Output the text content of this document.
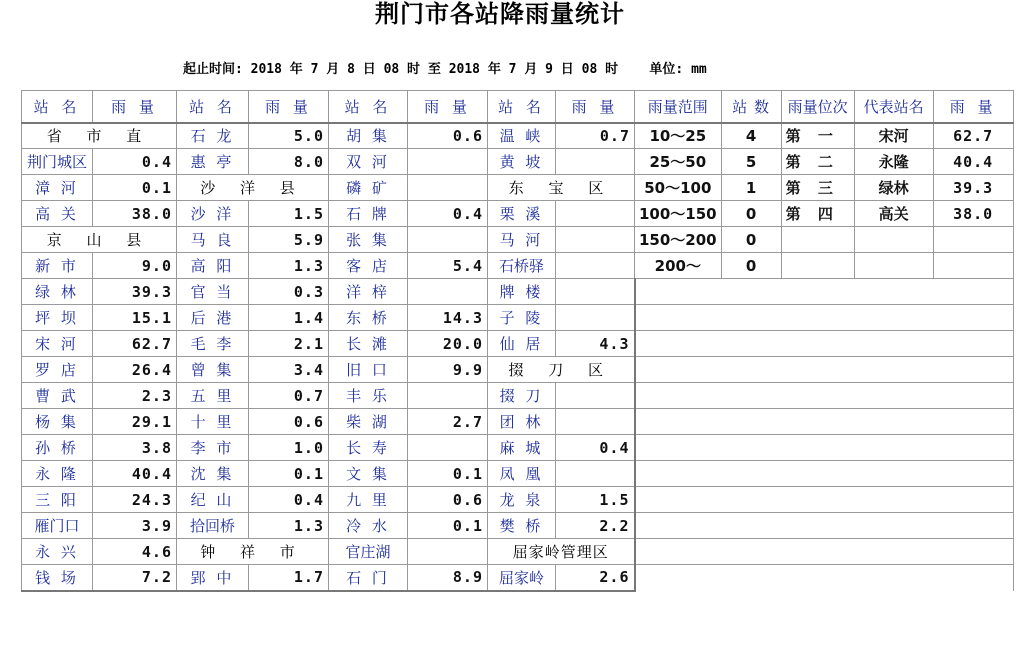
荆门市各站降雨量统计
起止时间: 2018 年 7 月 8 日 08 时 至 2018 年 7 月 9 日 08 时    单位: mm
站 名	雨 量	站 名	雨 量	站 名	雨 量	站 名	雨 量	雨量范围	站 数	雨量位次	代表站名	雨 量
省 市 直		石 龙	5.0	胡 集	0.6	温 峡	0.7	10～25	4	第 一	宋河	62.7
荆门城区	0.4	惠 亭	8.0	双 河		黄 坡		25～50	5	第 二	永隆	40.4
漳 河	0.1	沙 洋 县		磷 矿		东 宝 区		50～100	1	第 三	绿林	39.3
高 关	38.0	沙 洋	1.5	石 牌	0.4	栗 溪		100～150	0	第 四	高关	38.0
京 山 县		马 良	5.9	张 集		马 河		150～200	0			
新 市	9.0	高 阳	1.3	客 店	5.4	石桥驿		200～	0			
绿 林	39.3	官 当	0.3	洋 梓		牌 楼						
坪 坝	15.1	后 港	1.4	东 桥	14.3	子 陵						
宋 河	62.7	毛 李	2.1	长 滩	20.0	仙 居	4.3					
罗 店	26.4	曾 集	3.4	旧 口	9.9	掇 刀 区						
曹 武	2.3	五 里	0.7	丰 乐		掇 刀						
杨 集	29.1	十 里	0.6	柴 湖	2.7	团 林						
孙 桥	3.8	李 市	1.0	长 寿		麻 城	0.4					
永 隆	40.4	沈 集	0.1	文 集	0.1	凤 凰						
三 阳	24.3	纪 山	0.4	九 里	0.6	龙 泉	1.5					
雁门口	3.9	拾回桥	1.3	冷 水	0.1	樊 桥	2.2					
永 兴	4.6	钟 祥 市		官庄湖		屈家岭管理区						
钱 场	7.2	郢 中	1.7	石 门	8.9	屈家岭	2.6					
